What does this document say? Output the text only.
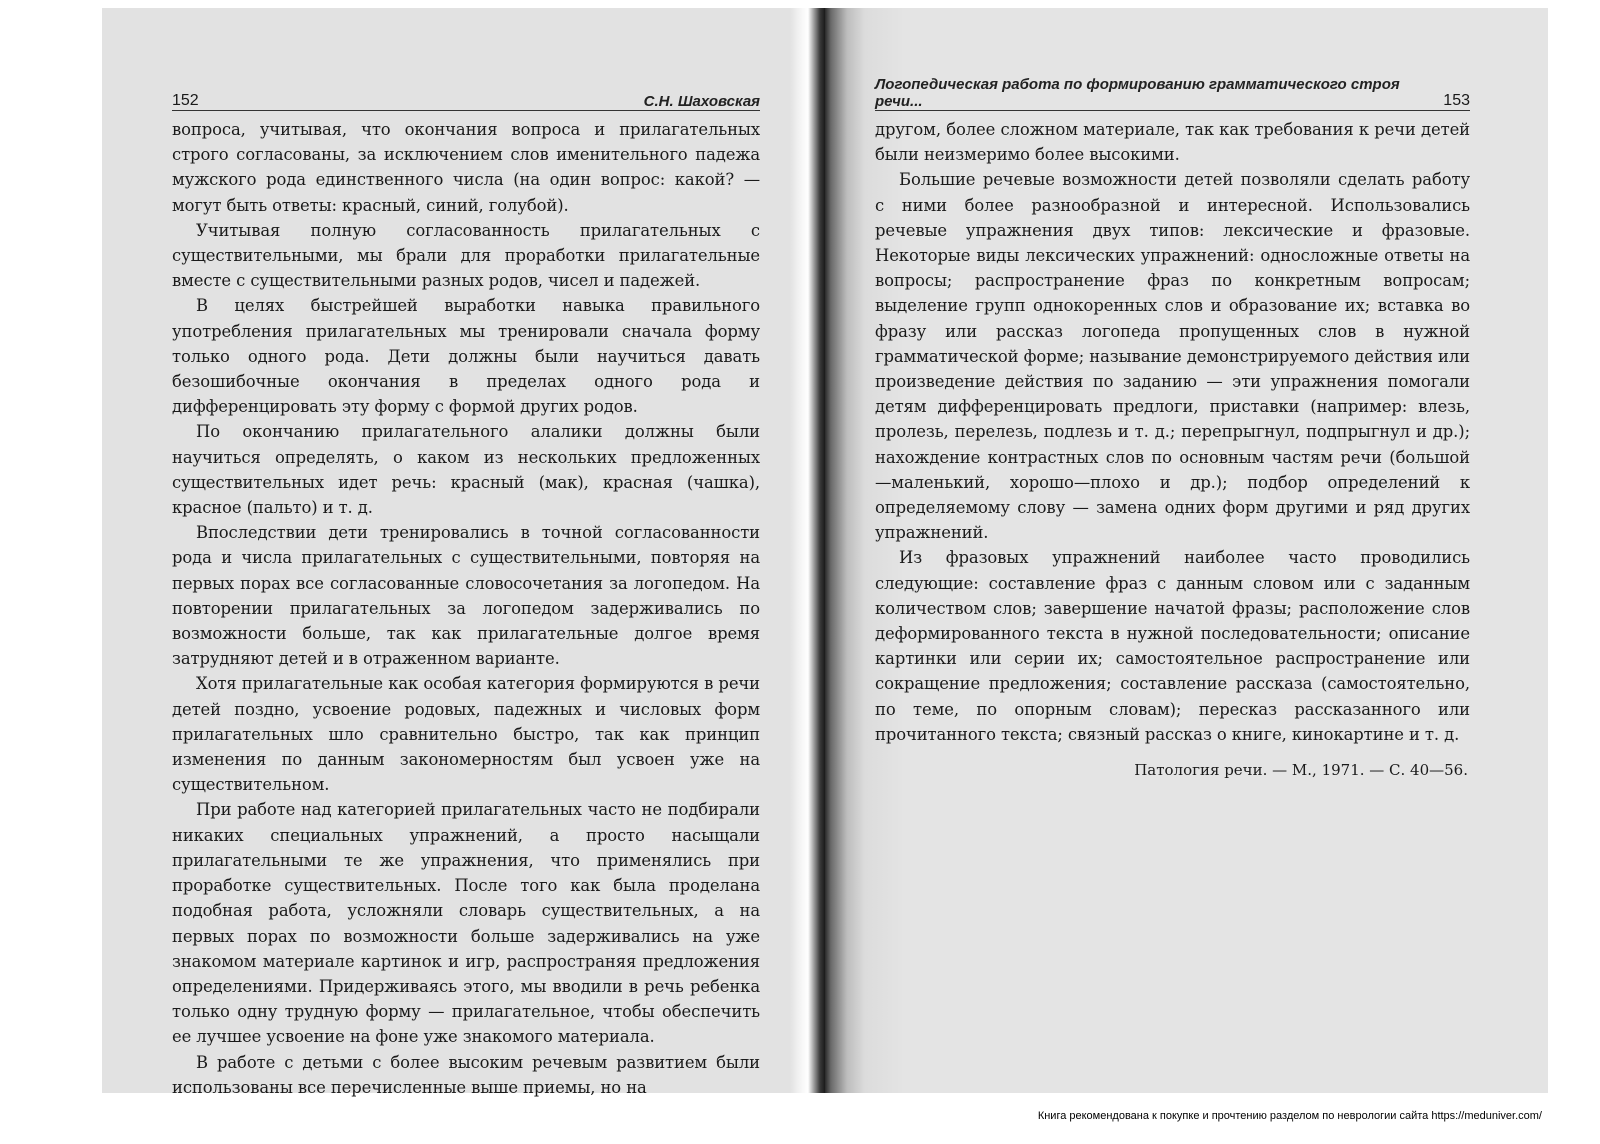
152	С.Н. Шаховская

вопроса, учитывая, что окончания вопроса и прилагательных строго согласованы, за исключением слов именительного падежа мужского рода единственного числа (на один вопрос: какой? — могут быть ответы: красный, синий, голубой).

Учитывая полную согласованность прилагательных с существительными, мы брали для проработки прилагательные вместе с существительными разных родов, чисел и падежей.

В целях быстрейшей выработки навыка правильного употребления прилагательных мы тренировали сначала форму только одного рода. Дети должны были научиться давать безошибочные окончания в пределах одного рода и дифференцировать эту форму с формой других родов.

По окончанию прилагательного алалики должны были научиться определять, о каком из нескольких предложенных существительных идет речь: красный (мак), красная (чашка), красное (пальто) и т. д.

Впоследствии дети тренировались в точной согласованности рода и числа прилагательных с существительными, повторяя на первых порах все согласованные словосочетания за логопедом. На повторении прилагательных за логопедом задерживались по возможности больше, так как прилагательные долгое время затрудняют детей и в отраженном варианте.

Хотя прилагательные как особая категория формируются в речи детей поздно, усвоение родовых, падежных и числовых форм прилагательных шло сравнительно быстро, так как принцип изменения по данным закономерностям был усвоен уже на существительном.

При работе над категорией прилагательных часто не подбирали никаких специальных упражнений, а просто насыщали прилагательными те же упражнения, что применялись при проработке существительных. После того как была проделана подобная работа, усложняли словарь существительных, а на первых порах по возможности больше задерживались на уже знакомом материале картинок и игр, распространяя предложения определениями. Придерживаясь этого, мы вводили в речь ребенка только одну трудную форму — прилагательное, чтобы обеспечить ее лучшее усвоение на фоне уже знакомого материала.

В работе с детьми с более высоким речевым развитием были использованы все перечисленные выше приемы, но на

Логопедическая работа по формированию грамматического строя речи...	153

другом, более сложном материале, так как требования к речи детей были неизмеримо более высокими.

Большие речевые возможности детей позволяли сделать работу с ними более разнообразной и интересной. Использовались речевые упражнения двух типов: лексические и фразовые. Некоторые виды лексических упражнений: односложные ответы на вопросы; распространение фраз по конкретным вопросам; выделение групп однокоренных слов и образование их; вставка во фразу или рассказ логопеда пропущенных слов в нужной грамматической форме; называние демонстрируемого действия или произведение действия по заданию — эти упражнения помогали детям дифференцировать предлоги, приставки (например: влезь, пролезь, перелезь, подлезь и т. д.; перепрыгнул, подпрыгнул и др.); нахождение контрастных слов по основным частям речи (большой—маленький, хорошо—плохо и др.); подбор определений к определяемому слову — замена одних форм другими и ряд других упражнений.

Из фразовых упражнений наиболее часто проводились следующие: составление фраз с данным словом или с заданным количеством слов; завершение начатой фразы; расположение слов деформированного текста в нужной последовательности; описание картинки или серии их; самостоятельное распространение или сокращение предложения; составление рассказа (самостоятельно, по теме, по опорным словам); пересказ рассказанного или прочитанного текста; связный рассказ о книге, кинокартине и т. д.

Патология речи. — М., 1971. — С. 40—56.
Книга рекомендована к покупке и прочтению разделом по неврологии сайта https://meduniver.com/
